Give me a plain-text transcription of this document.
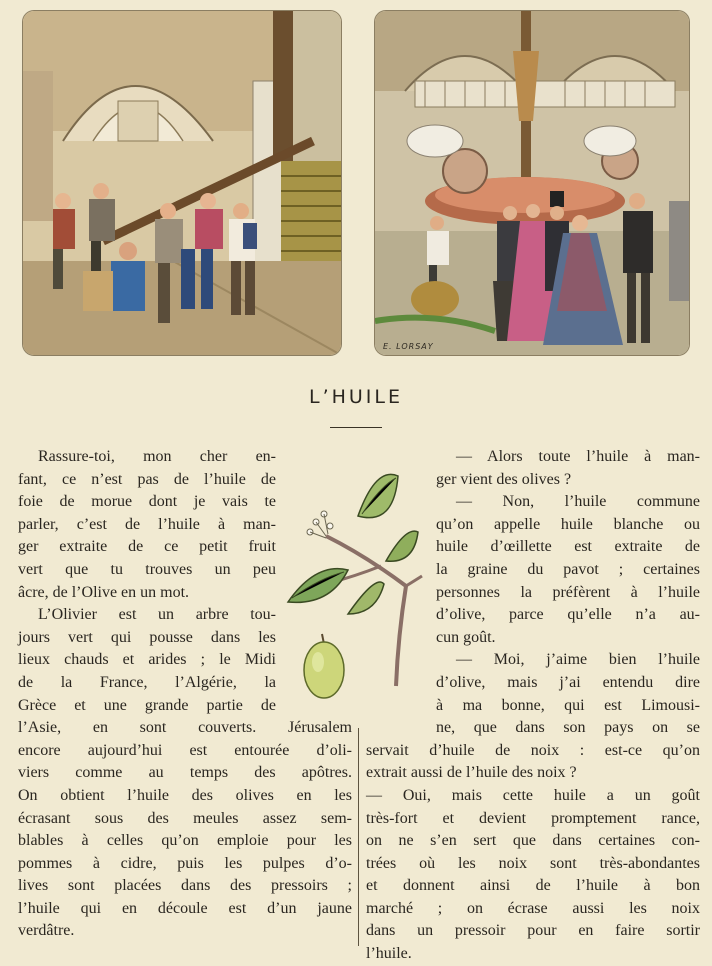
E. LORSAY
L’HUILE
Rassure-toi, mon cher en-
fant, ce n’est pas de l’huile de
foie de morue dont je vais te
parler, c’est de l’huile à man-
ger extraite de ce petit fruit
vert que tu trouves un peu
âcre, de l’Olive en un mot.
L’Olivier est un arbre tou-
jours vert qui pousse dans les
lieux chauds et arides ; le Midi
de la France, l’Algérie, la
Grèce et une grande partie de
l’Asie, en sont couverts. Jérusalem
encore aujourd’hui est entourée d’oli-
viers comme au temps des apôtres.
On obtient l’huile des olives en les
écrasant sous des meules assez sem-
blables à celles qu’on emploie pour les
pommes à cidre, puis les pulpes d’o-
lives sont placées dans des pressoirs ;
l’huile qui en découle est d’un jaune
verdâtre.
— Alors toute l’huile à man-
ger vient des olives ?
— Non, l’huile commune
qu’on appelle huile blanche ou
huile d’œillette est extraite de
la graine du pavot ; certaines
personnes la préfèrent à l’huile
d’olive, parce qu’elle n’a au-
cun goût.
— Moi, j’aime bien l’huile
d’olive, mais j’ai entendu dire
à ma bonne, qui est Limousi-
ne, que dans son pays on se
servait d’huile de noix : est-ce qu’on
extrait aussi de l’huile des noix ?
— Oui, mais cette huile a un goût
très-fort et devient promptement rance,
on ne s’en sert que dans certaines con-
trées où les noix sont très-abondantes
et donnent ainsi de l’huile à bon
marché ; on écrase aussi les noix
dans un pressoir pour en faire sortir
l’huile.
